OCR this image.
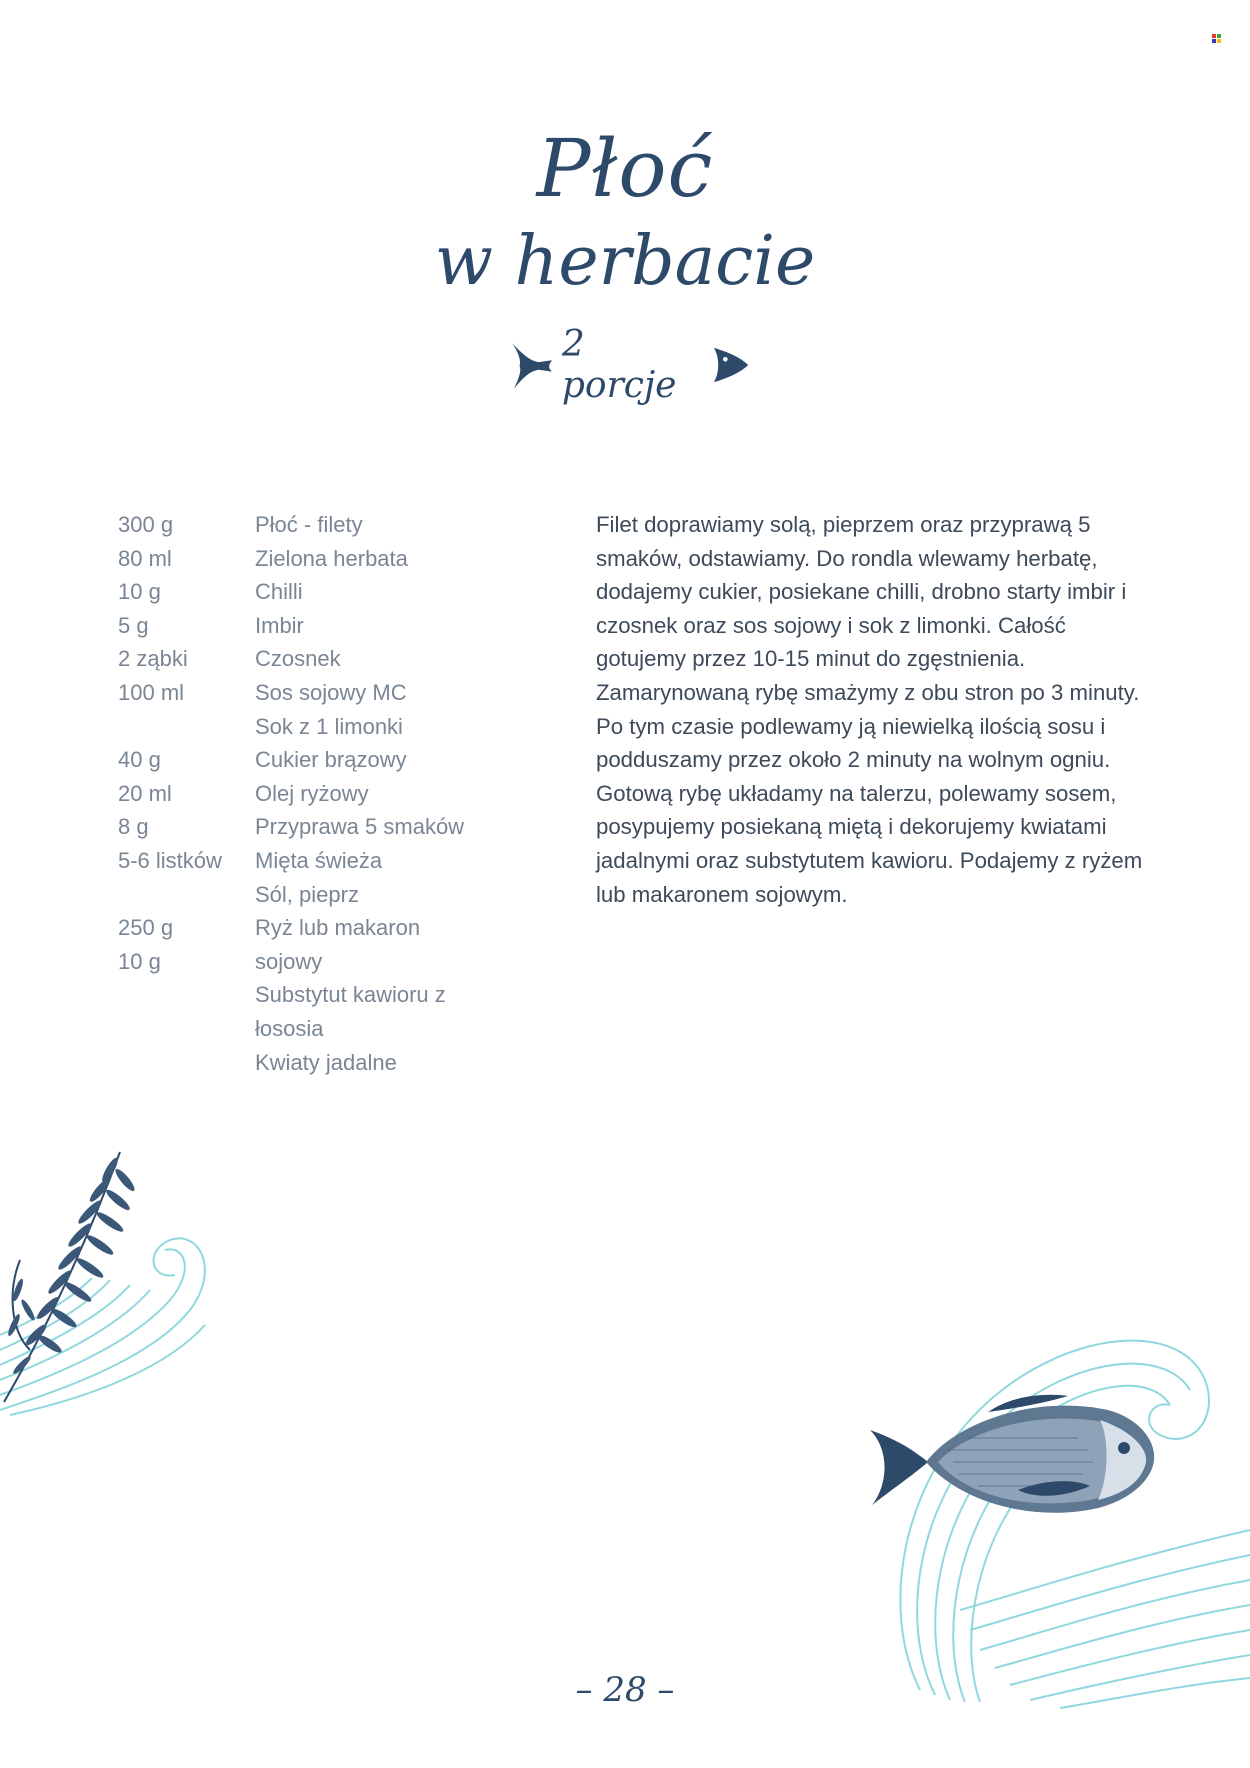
Płoć
w herbacie
2 porcje
300 g	Płoć - filety
80 ml	Zielona herbata
10 g	Chilli
5 g	Imbir
2 ząbki	Czosnek
100 ml	Sos sojowy MC
Sok z 1 limonki
40 g	Cukier brązowy
20 ml	Olej ryżowy
8 g	Przyprawa 5 smaków
5-6 listków	Mięta świeża
Sól, pieprz
250 g	Ryż lub makaron
10 g	sojowy
Substytut kawioru z
łososia
Kwiaty jadalne

Filet doprawiamy solą, pieprzem oraz przyprawą 5 smaków, odstawiamy. Do rondla wlewamy herbatę, dodajemy cukier, posiekane chilli, drobno starty imbir i czosnek oraz sos sojowy i sok z limonki. Całość gotujemy przez 10-15 minut do zgęstnienia. Zamarynowaną rybę smażymy z obu stron po 3 minuty. Po tym czasie podlewamy ją niewielką ilością sosu i podduszamy przez około 2 minuty na wolnym ogniu. Gotową rybę układamy na talerzu, polewamy sosem, posypujemy posiekaną miętą i dekorujemy kwiatami jadalnymi oraz substytutem kawioru. Podajemy z ryżem lub makaronem sojowym.

– 28 –
